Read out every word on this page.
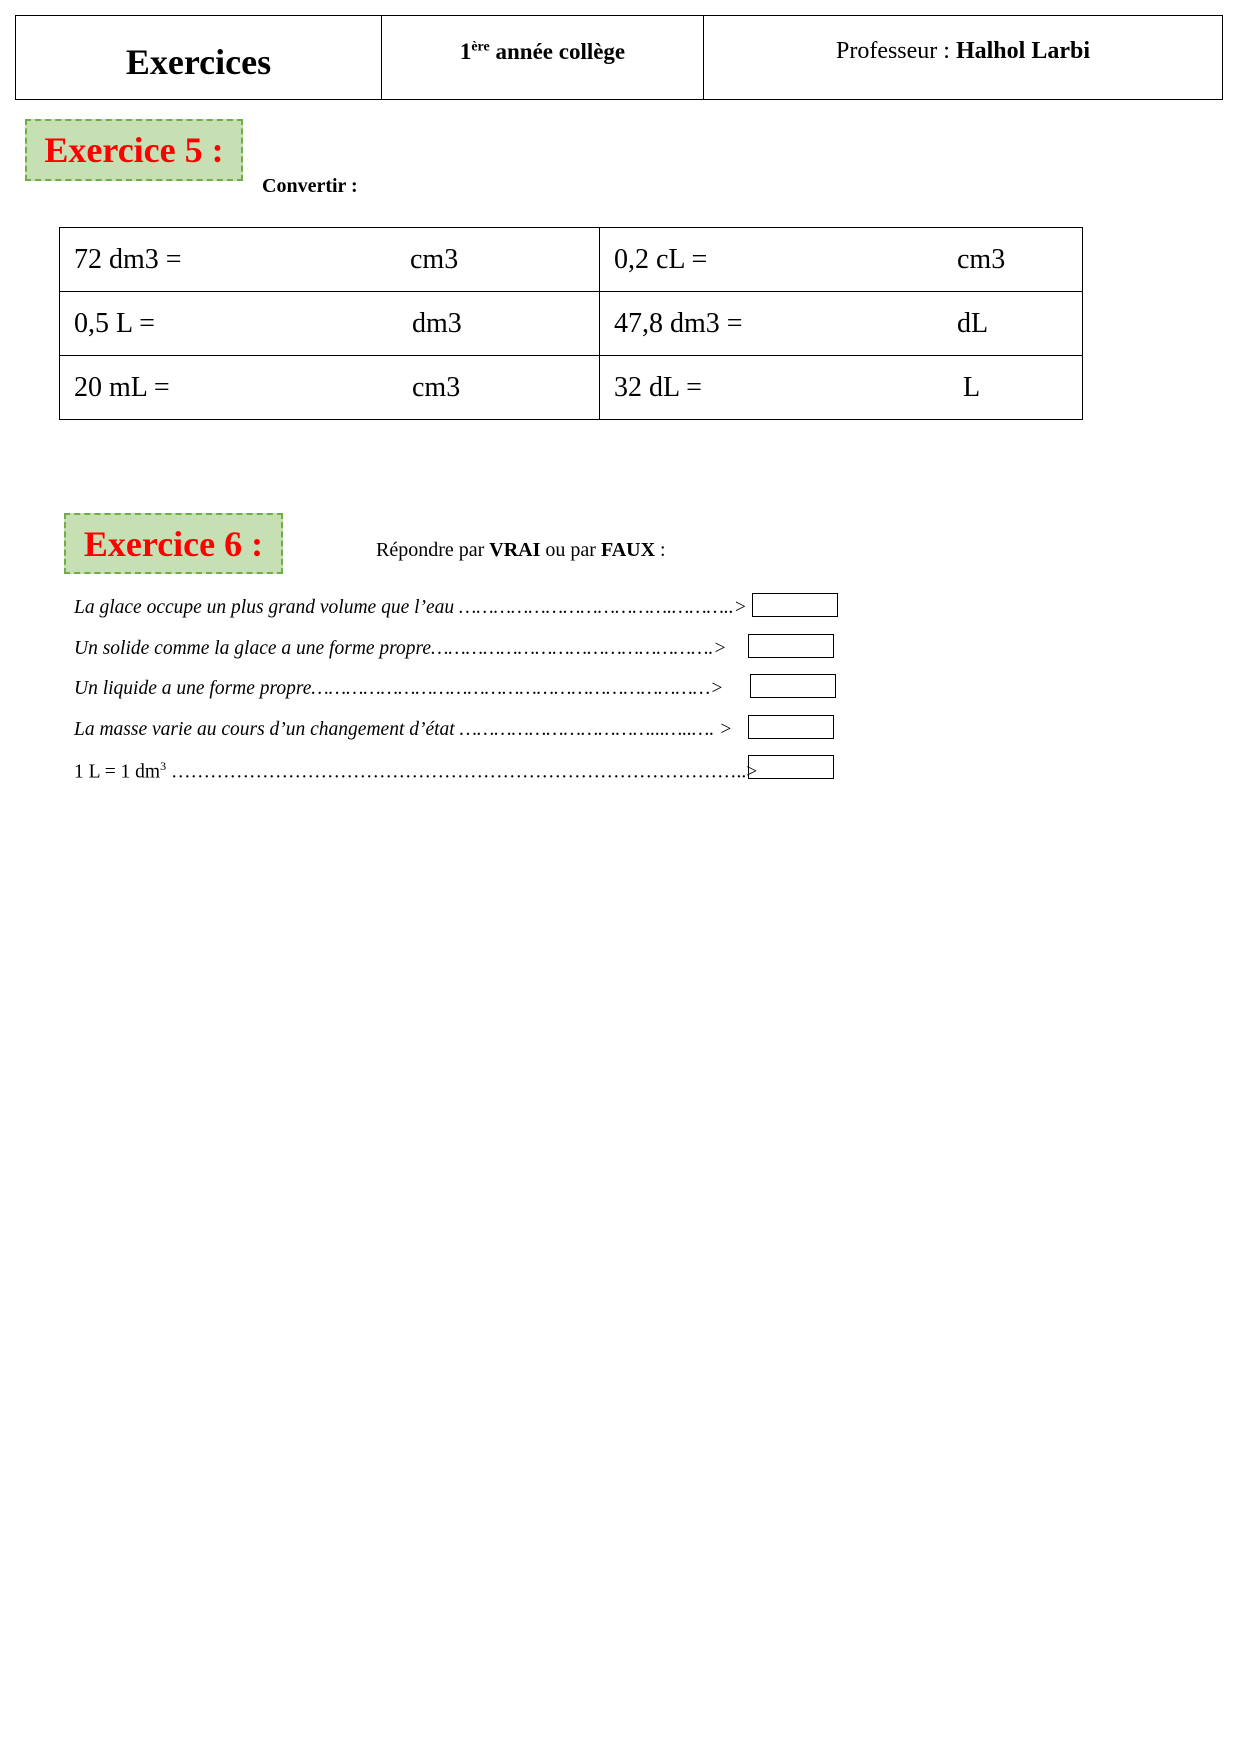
Exercices	1ère année collège	Professeur : Halhol Larbi
Exercice 5 :
Convertir :
72 dm3 = cm3	0,2 cL = cm3

0,5 L = dm3	47,8 dm3 = dL

20 mL = cm3	32 dL = L
Exercice 6 :	Répondre par VRAI ou par FAUX :
La glace occupe un plus grand volume que l’eau ……………………………….………..>
Un solide comme la glace a une forme propre………………………………………….>
Un liquide a une forme propre……………………………………………………………>
La masse varie au cours d’un changement d’état ……………………………...…..…. >
1 L = 1 $dm^3$ ……………………………………………………………………………..>
